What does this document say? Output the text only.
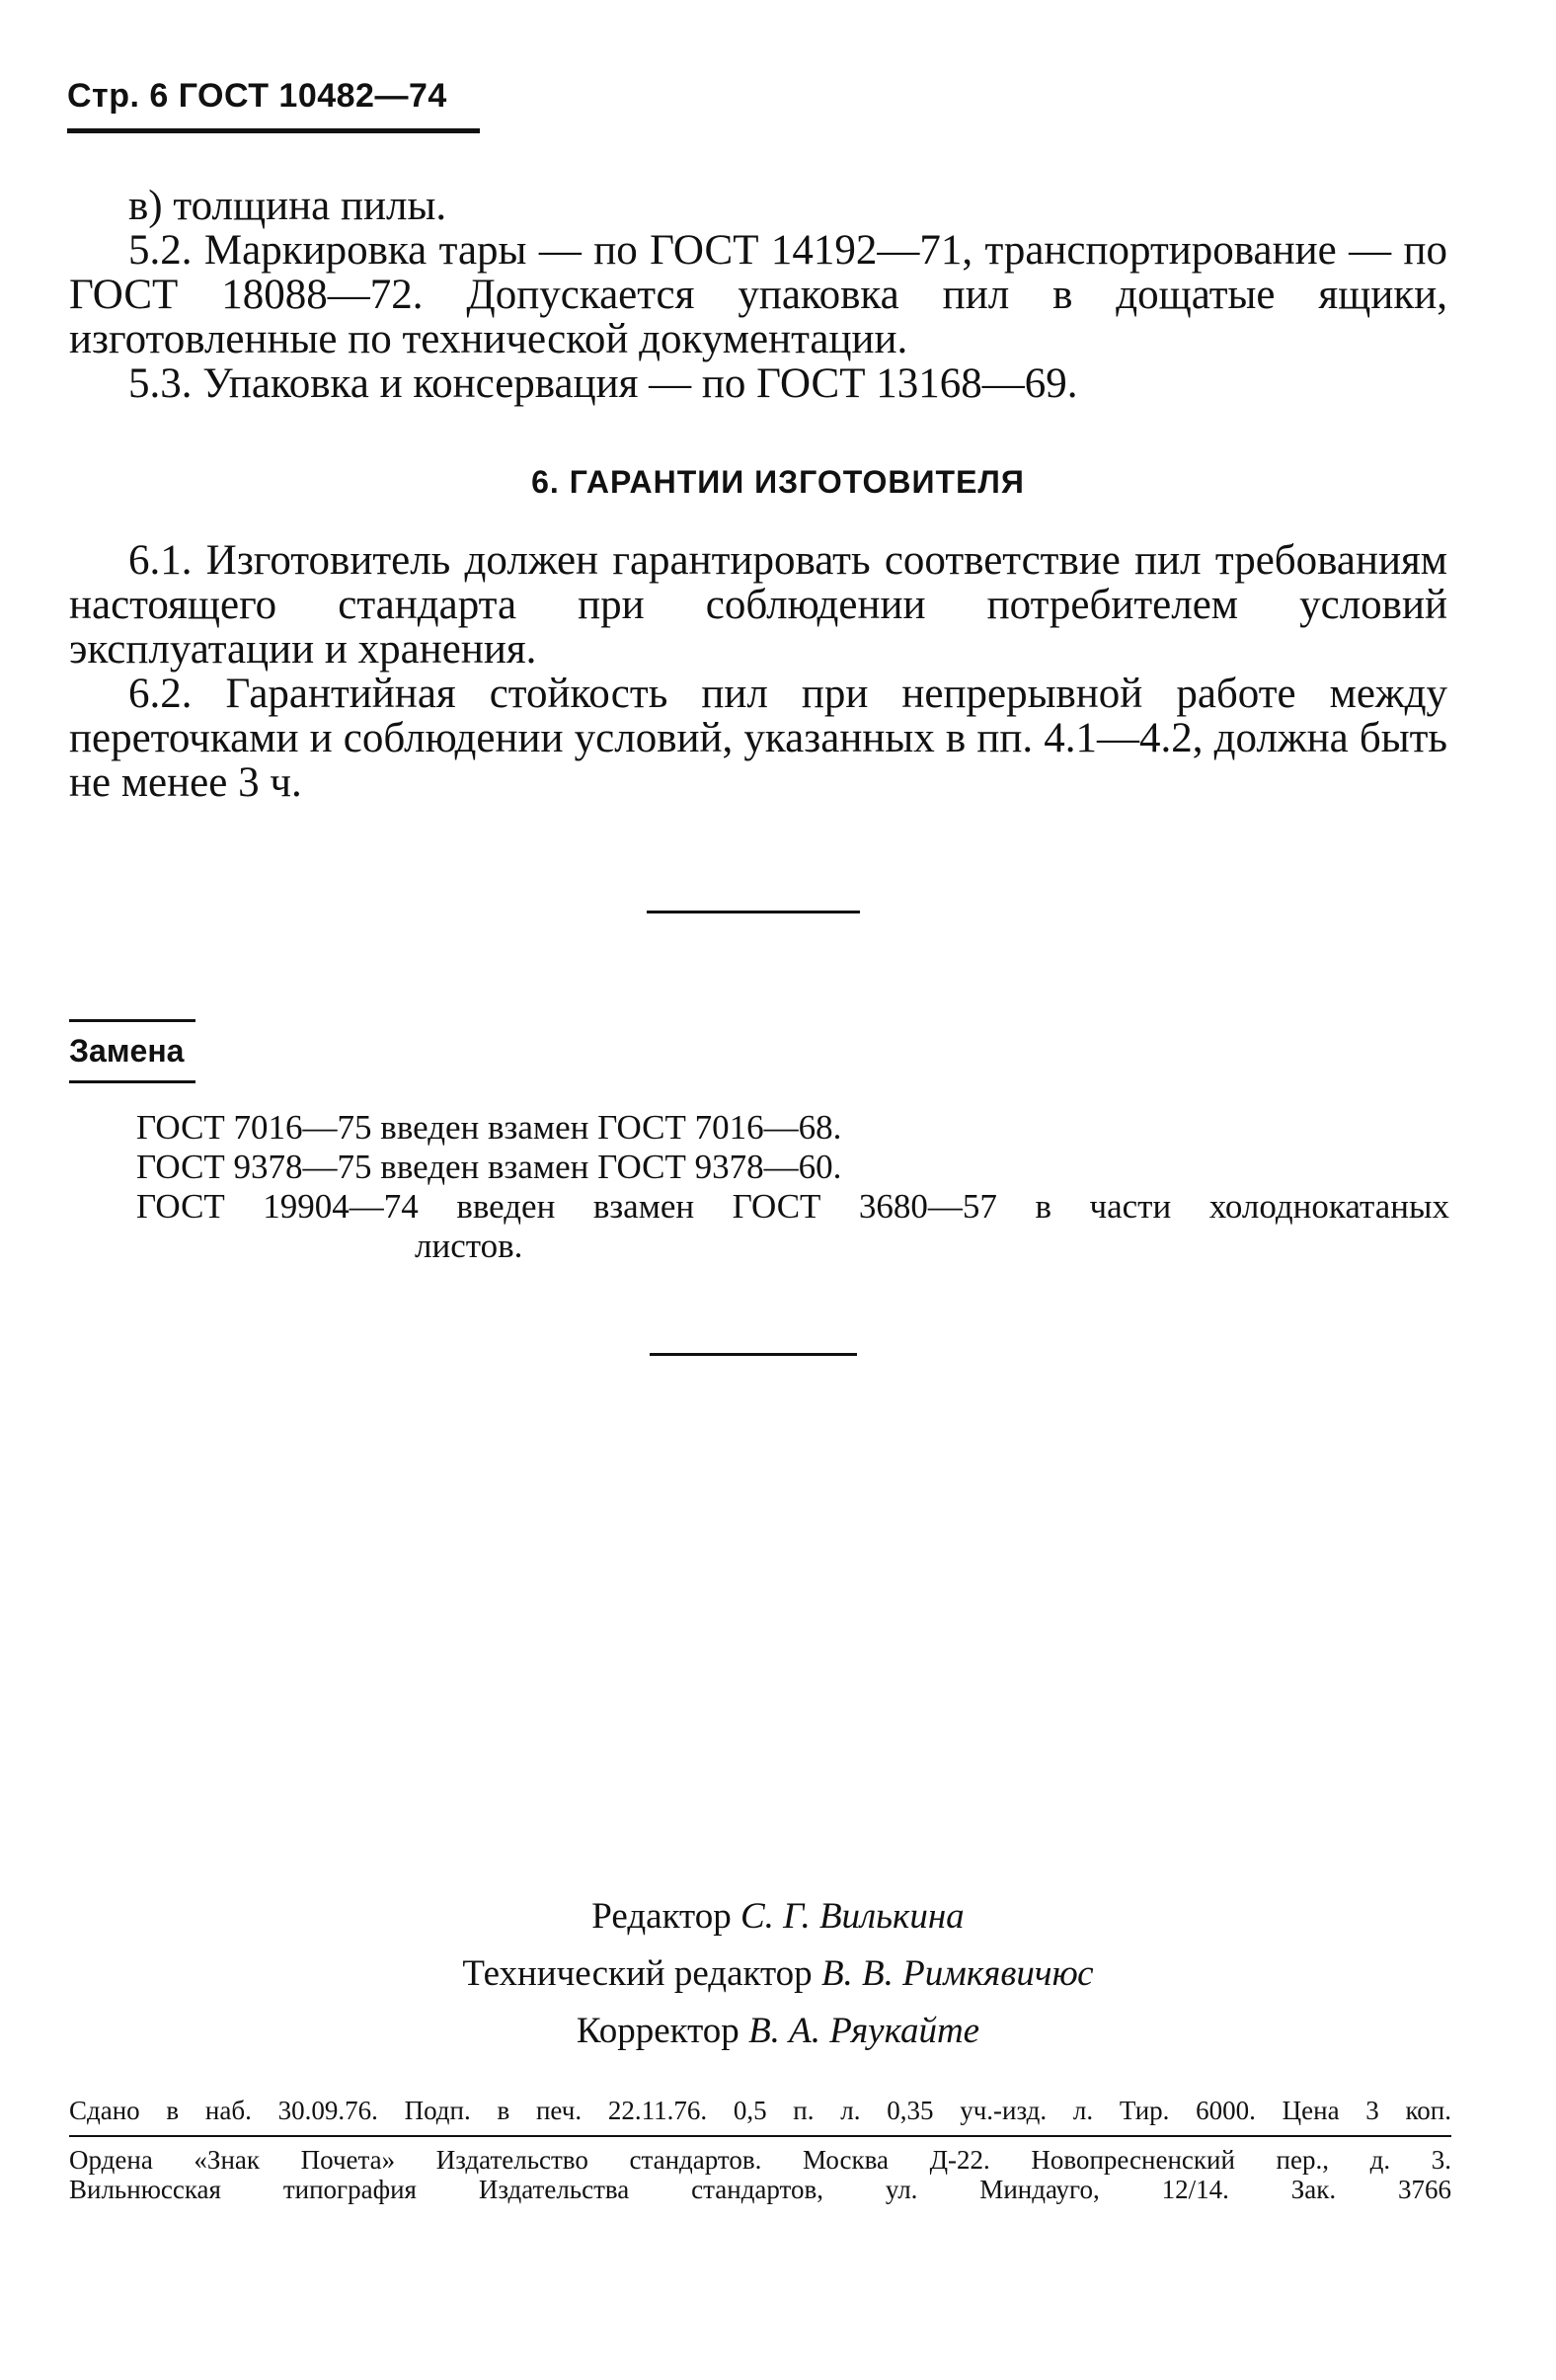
Стр. 6 ГОСТ 10482—74

в) толщина пилы.

5.2. Маркировка тары — по ГОСТ 14192—71, транспортирование — по ГОСТ 18088—72. Допускается упаковка пил в дощатые ящики, изготовленные по технической документации.

5.3. Упаковка и консервация — по ГОСТ 13168—69.

6. ГАРАНТИИ ИЗГОТОВИТЕЛЯ

6.1. Изготовитель должен гарантировать соответствие пил требованиям настоящего стандарта при соблюдении потребителем условий эксплуатации и хранения.

6.2. Гарантийная стойкость пил при непрерывной работе между переточками и соблюдении условий, указанных в пп. 4.1—4.2, должна быть не менее 3 ч.

Замена

ГОСТ 7016—75 введен взамен ГОСТ 7016—68.

ГОСТ 9378—75 введен взамен ГОСТ 9378—60.

ГОСТ 19904—74 введен взамен ГОСТ 3680—57 в части холоднокатаных

листов.

Редактор С. Г. Вилькина

Технический редактор В. В. Римкявичюс

Корректор В. А. Ряукайте

Сдано в наб. 30.09.76. Подп. в печ. 22.11.76. 0,5 п. л. 0,35 уч.-изд. л. Тир. 6000. Цена 3 коп.

Ордена «Знак Почета» Издательство стандартов. Москва Д-22. Новопресненский пер., д. 3.

Вильнюсская типография Издательства стандартов, ул. Миндауго, 12/14. Зак. 3766
